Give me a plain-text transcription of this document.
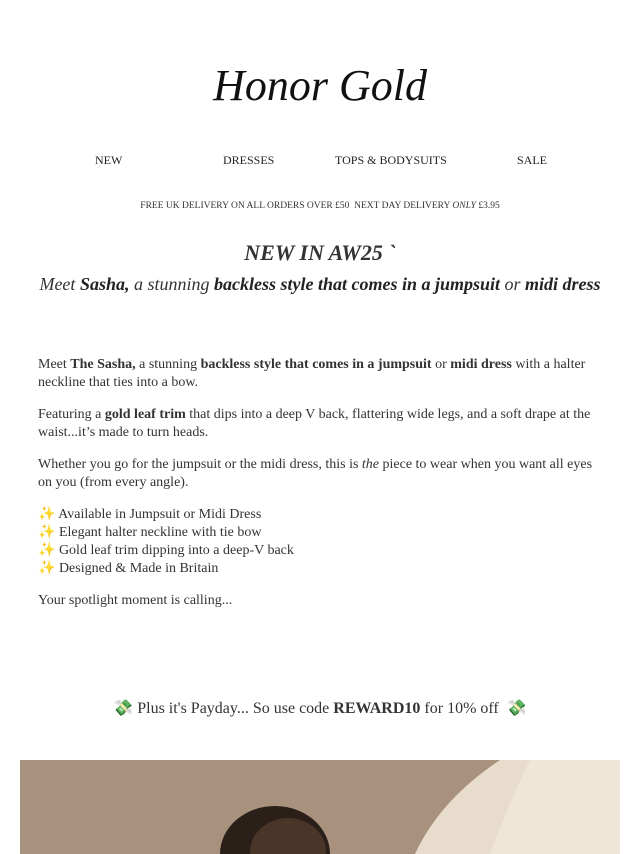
Honor Gold
NEW	DRESSES	TOPS & BODYSUITS	SALE
FREE UK DELIVERY ON ALL ORDERS OVER £50 NEXT DAY DELIVERY ONLY £3.95
NEW IN AW25 `
Meet Sasha, a stunning backless style that comes in a jumpsuit or midi dress

Meet The Sasha, a stunning backless style that comes in a jumpsuit or midi dress with a halter neckline that ties into a bow.

Featuring a gold leaf trim that dips into a deep V back, flattering wide legs, and a soft drape at the waist...it’s made to turn heads.

Whether you go for the jumpsuit or the midi dress, this is the piece to wear when you want all eyes on you (from every angle).

✨ Available in Jumpsuit or Midi Dress
✨ Elegant halter neckline with tie bow
✨ Gold leaf trim dipping into a deep-V back
✨ Designed & Made in Britain

Your spotlight moment is calling...

💸 Plus it's Payday... So use code REWARD10 for 10% off 💸
